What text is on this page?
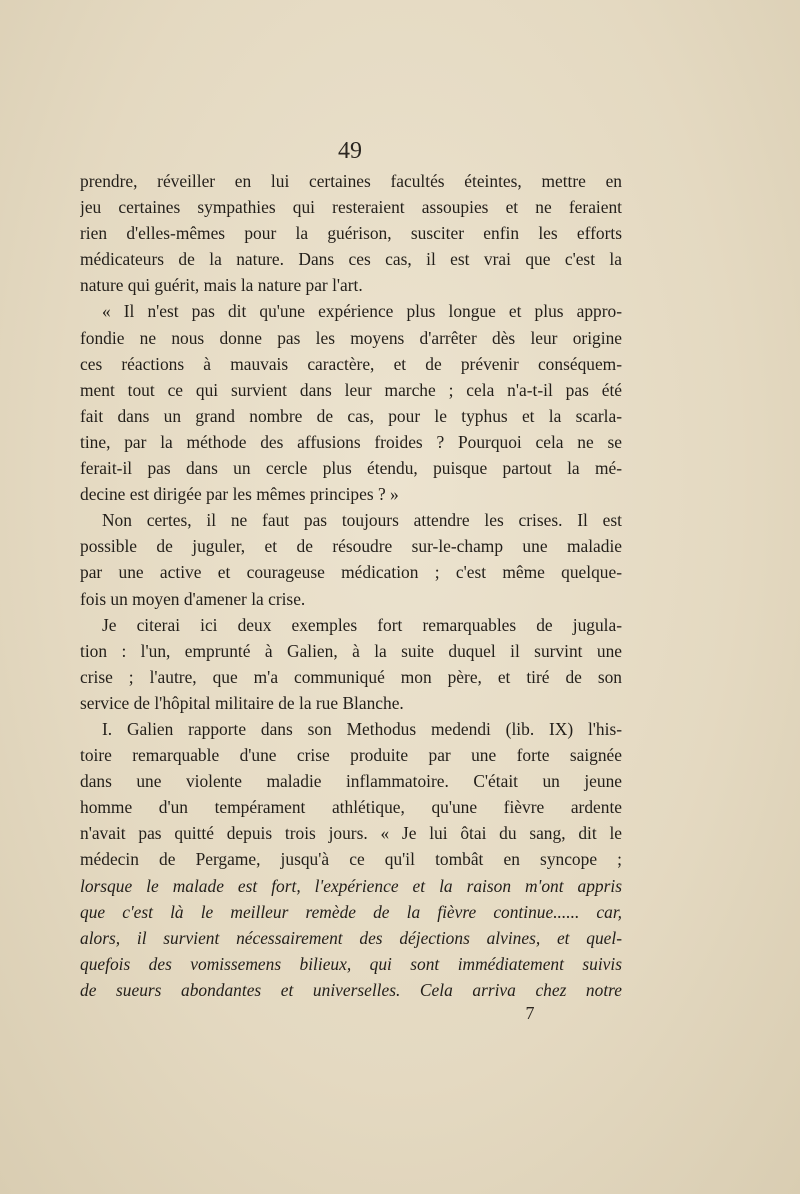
49
prendre, réveiller en lui certaines facultés éteintes, mettre en
jeu certaines sympathies qui resteraient assoupies et ne feraient
rien d'elles-mêmes pour la guérison, susciter enfin les efforts
médicateurs de la nature. Dans ces cas, il est vrai que c'est la
nature qui guérit, mais la nature par l'art.
« Il n'est pas dit qu'une expérience plus longue et plus appro-
fondie ne nous donne pas les moyens d'arrêter dès leur origine
ces réactions à mauvais caractère, et de prévenir conséquem-
ment tout ce qui survient dans leur marche ; cela n'a-t-il pas été
fait dans un grand nombre de cas, pour le typhus et la scarla-
tine, par la méthode des affusions froides ? Pourquoi cela ne se
ferait-il pas dans un cercle plus étendu, puisque partout la mé-
decine est dirigée par les mêmes principes ? »
Non certes, il ne faut pas toujours attendre les crises. Il est
possible de juguler, et de résoudre sur-le-champ une maladie
par une active et courageuse médication ; c'est même quelque-
fois un moyen d'amener la crise.
Je citerai ici deux exemples fort remarquables de jugula-
tion : l'un, emprunté à Galien, à la suite duquel il survint une
crise ; l'autre, que m'a communiqué mon père, et tiré de son
service de l'hôpital militaire de la rue Blanche.
I. Galien rapporte dans son Methodus medendi (lib. IX) l'his-
toire remarquable d'une crise produite par une forte saignée
dans une violente maladie inflammatoire. C'était un jeune
homme d'un tempérament athlétique, qu'une fièvre ardente
n'avait pas quitté depuis trois jours. « Je lui ôtai du sang, dit le
médecin de Pergame, jusqu'à ce qu'il tombât en syncope ;
lorsque le malade est fort, l'expérience et la raison m'ont appris
que c'est là le meilleur remède de la fièvre continue...... car,
alors, il survient nécessairement des déjections alvines, et quel-
quefois des vomissemens bilieux, qui sont immédiatement suivis
de sueurs abondantes et universelles. Cela arriva chez notre
7
